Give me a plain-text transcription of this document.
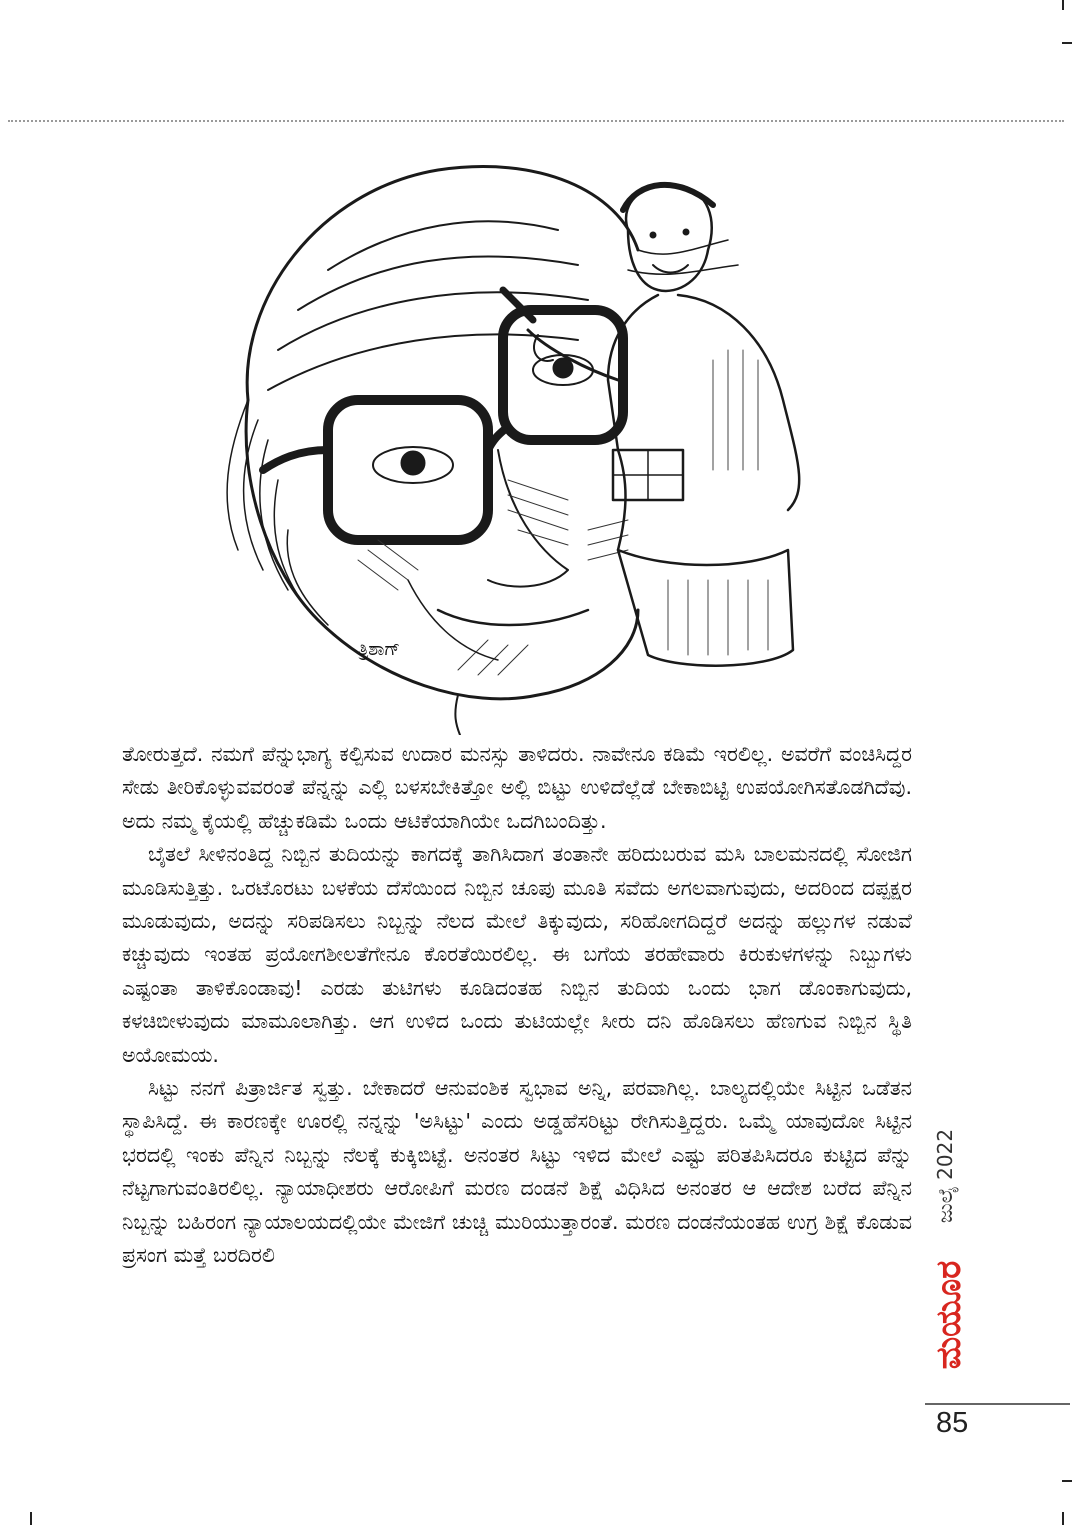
ತ್ರಿಶಾಗ್

ತೋರುತ್ತದೆ. ನಮಗೆ ಪೆನ್ನುಭಾಗ್ಯ ಕಲ್ಪಿಸುವ ಉದಾರ ಮನಸ್ಸು ತಾಳಿದರು. ನಾವೇನೂ ಕಡಿಮೆ ಇರಲಿಲ್ಲ. ಅವರೆಗೆ ವಂಚಿಸಿದ್ದರ ಸೇಡು ತೀರಿಕೊಳ್ಳುವವರಂತೆ ಪೆನ್ನನ್ನು ಎಲ್ಲಿ ಬಳಸಬೇಕಿತ್ತೋ ಅಲ್ಲಿ ಬಿಟ್ಟು ಉಳಿದೆಲ್ಲೆಡೆ ಬೇಕಾಬಿಟ್ಟಿ ಉಪಯೋಗಿಸತೊಡಗಿದೆವು. ಅದು ನಮ್ಮ ಕೈಯಲ್ಲಿ ಹೆಚ್ಚುಕಡಿಮೆ ಒಂದು ಆಟಿಕೆಯಾಗಿಯೇ ಒದಗಿಬಂದಿತ್ತು.

ಬೈತಲೆ ಸೀಳಿನಂತಿದ್ದ ನಿಬ್ಬಿನ ತುದಿಯನ್ನು ಕಾಗದಕ್ಕೆ ತಾಗಿಸಿದಾಗ ತಂತಾನೇ ಹರಿದುಬರುವ ಮಸಿ ಬಾಲಮನದಲ್ಲಿ ಸೋಜಿಗ ಮೂಡಿಸುತ್ತಿತ್ತು. ಒರಟೊರಟು ಬಳಕೆಯ ದೆಸೆಯಿಂದ ನಿಬ್ಬಿನ ಚೂಪು ಮೂತಿ ಸವೆದು ಅಗಲವಾಗುವುದು, ಅದರಿಂದ ದಪ್ಪಕ್ಷರ ಮೂಡುವುದು, ಅದನ್ನು ಸರಿಪಡಿಸಲು ನಿಬ್ಬನ್ನು ನೆಲದ ಮೇಲೆ ತಿಕ್ಕುವುದು, ಸರಿಹೋಗದಿದ್ದರೆ ಅದನ್ನು ಹಲ್ಲುಗಳ ನಡುವೆ ಕಚ್ಚುವುದು ಇಂತಹ ಪ್ರಯೋಗಶೀಲತೆಗೇನೂ ಕೊರತೆಯಿರಲಿಲ್ಲ. ಈ ಬಗೆಯ ತರಹೇವಾರು ಕಿರುಕುಳಗಳನ್ನು ನಿಬ್ಬುಗಳು ಎಷ್ಟಂತಾ ತಾಳಿಕೊಂಡಾವು! ಎರಡು ತುಟಿಗಳು ಕೂಡಿದಂತಹ ನಿಬ್ಬಿನ ತುದಿಯ ಒಂದು ಭಾಗ ಡೊಂಕಾಗುವುದು, ಕಳಚಿಬೀಳುವುದು ಮಾಮೂಲಾಗಿತ್ತು. ಆಗ ಉಳಿದ ಒಂದು ತುಟಿಯಲ್ಲೇ ಸೀರು ದನಿ ಹೊಡಿಸಲು ಹೆಣಗುವ ನಿಬ್ಬಿನ ಸ್ಥಿತಿ ಅಯೋಮಯ.

ಸಿಟ್ಟು ನನಗೆ ಪಿತ್ರಾರ್ಜಿತ ಸ್ವತ್ತು. ಬೇಕಾದರೆ ಆನುವಂಶಿಕ ಸ್ವಭಾವ ಅನ್ನಿ, ಪರವಾಗಿಲ್ಲ. ಬಾಲ್ಯದಲ್ಲಿಯೇ ಸಿಟ್ಟಿನ ಒಡೆತನ ಸ್ಥಾಪಿಸಿದ್ದೆ. ಈ ಕಾರಣಕ್ಕೇ ಊರಲ್ಲಿ ನನ್ನನ್ನು 'ಅಸಿಟ್ಟು' ಎಂದು ಅಡ್ಡಹೆಸರಿಟ್ಟು ರೇಗಿಸುತ್ತಿದ್ದರು. ಒಮ್ಮೆ ಯಾವುದೋ ಸಿಟ್ಟಿನ ಭರದಲ್ಲಿ ಇಂಕು ಪೆನ್ನಿನ ನಿಬ್ಬನ್ನು ನೆಲಕ್ಕೆ ಕುಕ್ಕಿಬಿಟ್ಟೆ. ಅನಂತರ ಸಿಟ್ಟು ಇಳಿದ ಮೇಲೆ ಎಷ್ಟು ಪರಿತಪಿಸಿದರೂ ಕುಟ್ಟಿದ ಪೆನ್ನು ನೆಟ್ಟಗಾಗುವಂತಿರಲಿಲ್ಲ. ನ್ಯಾಯಾಧೀಶರು ಆರೋಪಿಗೆ ಮರಣ ದಂಡನೆ ಶಿಕ್ಷೆ ವಿಧಿಸಿದ ಅನಂತರ ಆ ಆದೇಶ ಬರೆದ ಪೆನ್ನಿನ ನಿಬ್ಬನ್ನು ಬಹಿರಂಗ ನ್ಯಾಯಾಲಯದಲ್ಲಿಯೇ ಮೇಜಿಗೆ ಚುಚ್ಚಿ ಮುರಿಯುತ್ತಾರಂತೆ. ಮರಣ ದಂಡನೆಯಂತಹ ಉಗ್ರ ಶಿಕ್ಷೆ ಕೊಡುವ ಪ್ರಸಂಗ ಮತ್ತೆ ಬರದಿರಲಿ

ಜುಲೈ 2022
ಮಯೂರ
85
